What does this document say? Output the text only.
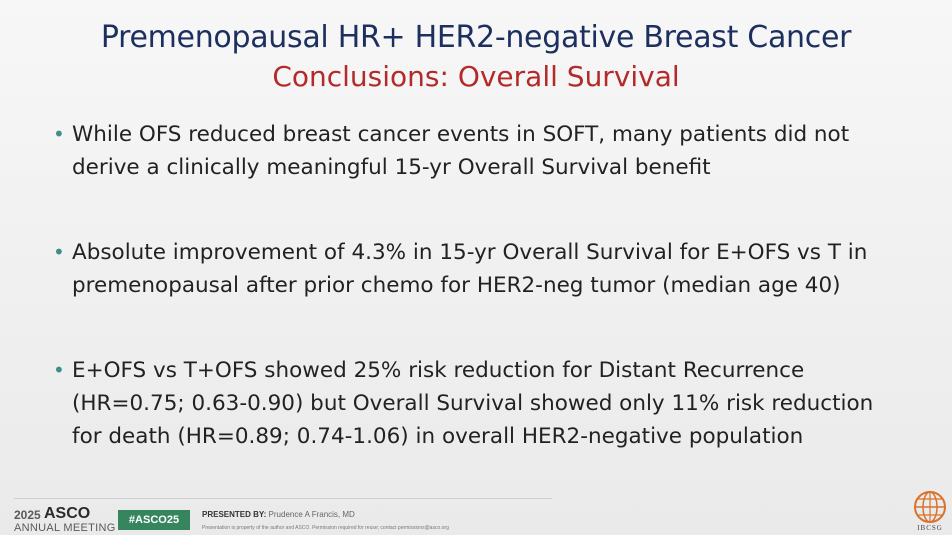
Premenopausal HR+ HER2-negative Breast Cancer
Conclusions: Overall Survival
• While OFS reduced breast cancer events in SOFT, many patients did not
derive a clinically meaningful 15-yr Overall Survival benefit
• Absolute improvement of 4.3% in 15-yr Overall Survival for E+OFS vs T in
premenopausal after prior chemo for HER2-neg tumor (median age 40)
• E+OFS vs T+OFS showed 25% risk reduction for Distant Recurrence
(HR=0.75; 0.63-0.90) but Overall Survival showed only 11% risk reduction
for death (HR=0.89; 0.74-1.06) in overall HER2-negative population
2025 ASCO
ANNUAL MEETING
#ASCO25	PRESENTED BY: Prudence A Francis, MD
Presentation is property of the author and ASCO. Permission required for reuse; contact permissions@asco.org	IBCSG
